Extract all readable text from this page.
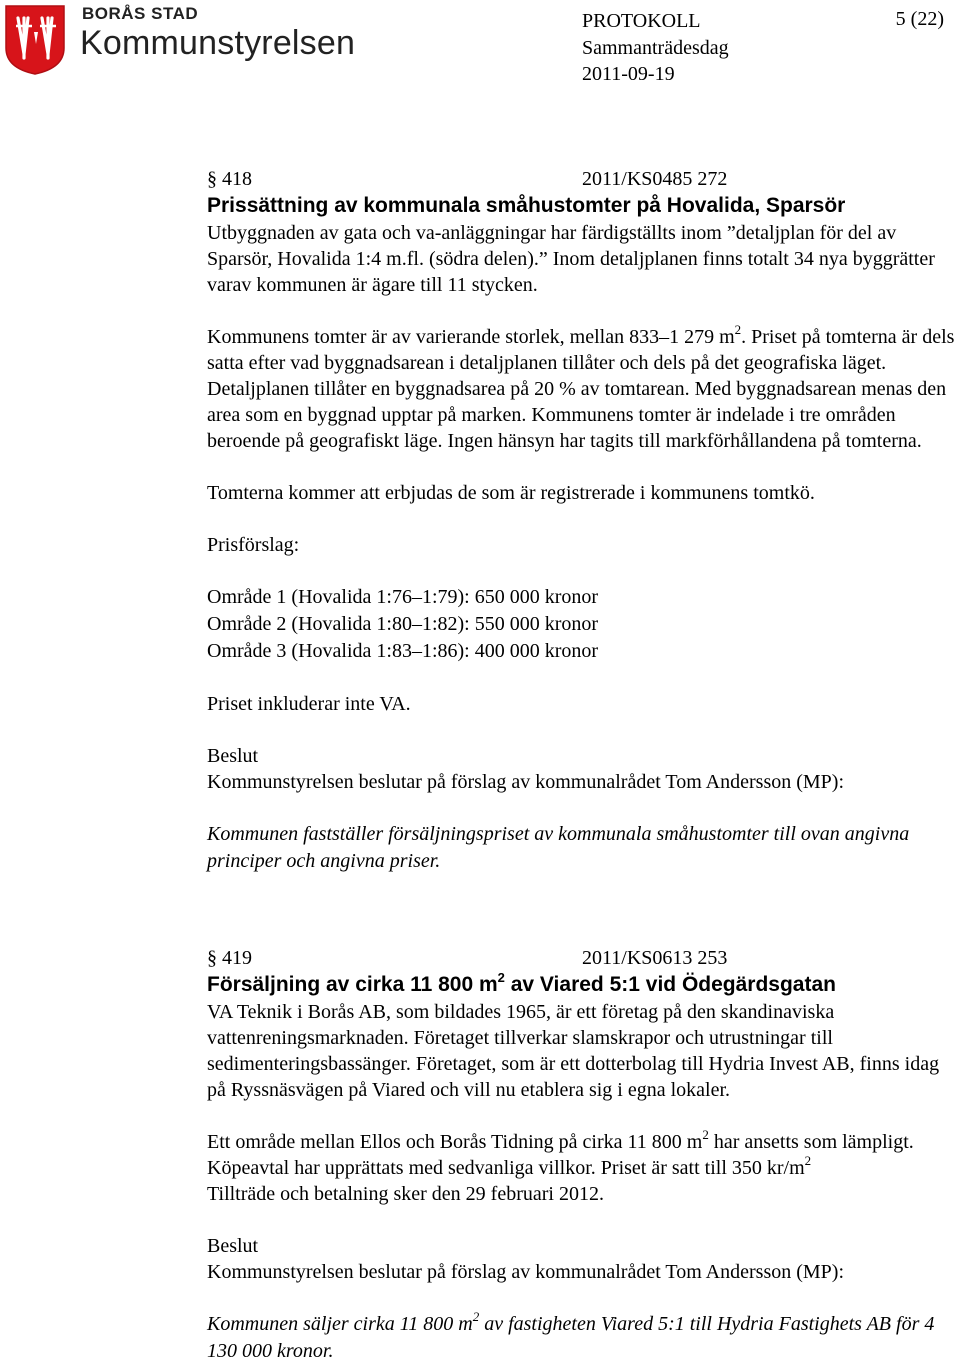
BORÅS STAD
Kommunstyrelsen
PROTOKOLL
Sammanträdesdag
2011-09-19
5 (22)
§ 418	2011/KS0485 272

Prissättning av kommunala småhustomter på Hovalida, Sparsör

Utbyggnaden av gata och va-anläggningar har färdigställts inom ”detaljplan för del av Sparsör, Hovalida 1:4 m.fl. (södra delen).” Inom detaljplanen finns totalt 34 nya byggrätter varav kommunen är ägare till 11 stycken.

Kommunens tomter är av varierande storlek, mellan 833–1 279 $m^2$. Priset på tomterna är dels satta efter vad byggnadsarean i detaljplanen tillåter och dels på det geografiska läget. Detaljplanen tillåter en byggnadsarea på 20 % av tomtarean. Med byggnadsarean menas den area som en byggnad upptar på marken. Kommunens tomter är indelade i tre områden beroende på geografiskt läge. Ingen hänsyn har tagits till markförhållandena på tomterna.

Tomterna kommer att erbjudas de som är registrerade i kommunens tomtkö.

Prisförslag:

Område 1 (Hovalida 1:76–1:79): 650 000 kronor

Område 2 (Hovalida 1:80–1:82): 550 000 kronor

Område 3 (Hovalida 1:83–1:86): 400 000 kronor

Priset inkluderar inte VA.

Beslut

Kommunstyrelsen beslutar på förslag av kommunalrådet Tom Andersson (MP):

Kommunen fastställer försäljningspriset av kommunala småhustomter till ovan angivna principer och angivna priser.

§ 419	2011/KS0613 253

Försäljning av cirka 11 800 $m^2$ av Viared 5:1 vid Ödegärdsgatan

VA Teknik i Borås AB, som bildades 1965, är ett företag på den skandinaviska vattenreningsmarknaden. Företaget tillverkar slamskrapor och utrustningar till sedimenteringsbassänger. Företaget, som är ett dotterbolag till Hydria Invest AB, finns idag på Ryssnäsvägen på Viared och vill nu etablera sig i egna lokaler.

Ett område mellan Ellos och Borås Tidning på cirka 11 800 $m^2$ har ansetts som lämpligt. Köpeavtal har upprättats med sedvanliga villkor. Priset är satt till 350 $kr/m^2$
Tillträde och betalning sker den 29 februari 2012.

Beslut

Kommunstyrelsen beslutar på förslag av kommunalrådet Tom Andersson (MP):

Kommunen säljer cirka 11 800 $m^2$ av fastigheten Viared 5:1 till Hydria Fastighets AB för 4 130 000 kronor.
